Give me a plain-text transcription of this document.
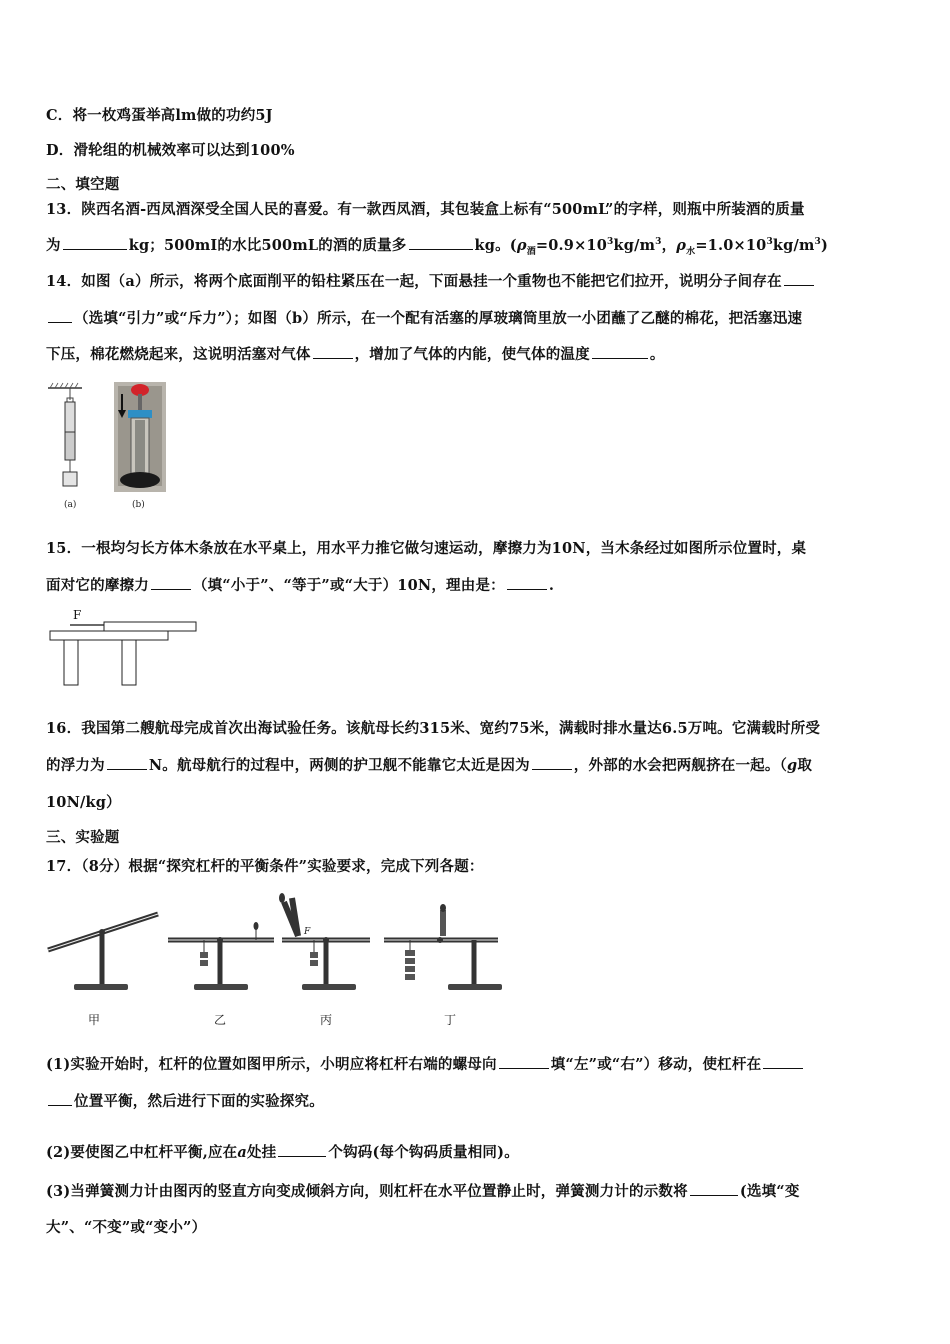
C．将一枚鸡蛋举高lm做的功约5J
D．滑轮组的机械效率可以达到100%
二、填空题
13．陕西名酒-西凤酒深受全国人民的喜爱。有一款西凤酒，其包装盒上标有“500mL”的字样，则瓶中所装酒的质量
为	kg；500mI的水比500mL的酒的质量多	kg。($\rho_酒=0.9\times 10^3kg/m^3$，$\rho_水=1.0\times 10^3kg/m^3$)
14．如图（a）所示，将两个底面削平的铅柱紧压在一起，下面悬挂一个重物也不能把它们拉开，说明分子间存在
（选填“引力”或“斥力”）；如图（b）所示，在一个配有活塞的厚玻璃筒里放一小团蘸了乙醚的棉花，把活塞迅速
下压，棉花燃烧起来，这说明活塞对气体	，增加了气体的内能，使气体的温度	。
(a)	(b)
15．一根均匀长方体木条放在水平桌上，用水平力推它做匀速运动，摩擦力为10N，当木条经过如图所示位置时，桌
面对它的摩擦力	（填“小于”、“等于”或“大于）10N，理由是：	.
F
16．我国第二艘航母完成首次出海试验任务。该航母长约315米、宽约75米，满载时排水量达6.5万吨。它满载时所受
的浮力为	N。航母航行的过程中，两侧的护卫舰不能靠它太近是因为	，外部的水会把两舰挤在一起。（g取
10N/kg）
三、实验题
17．（8分）根据“探究杠杆的平衡条件”实验要求，完成下列各题：
甲	乙
F
丙	丁
(1)实验开始时，杠杆的位置如图甲所示，小明应将杠杆右端的螺母向	填“左”或“右”）移动，使杠杆在
位置平衡，然后进行下面的实验探究。
(2)要使图乙中杠杆平衡,应在a处挂	个钩码(每个钩码质量相同)。
(3)当弹簧测力计由图丙的竖直方向变成倾斜方向，则杠杆在水平位置静止时，弹簧测力计的示数将	(选填“变
大”、“不变”或“变小”）
